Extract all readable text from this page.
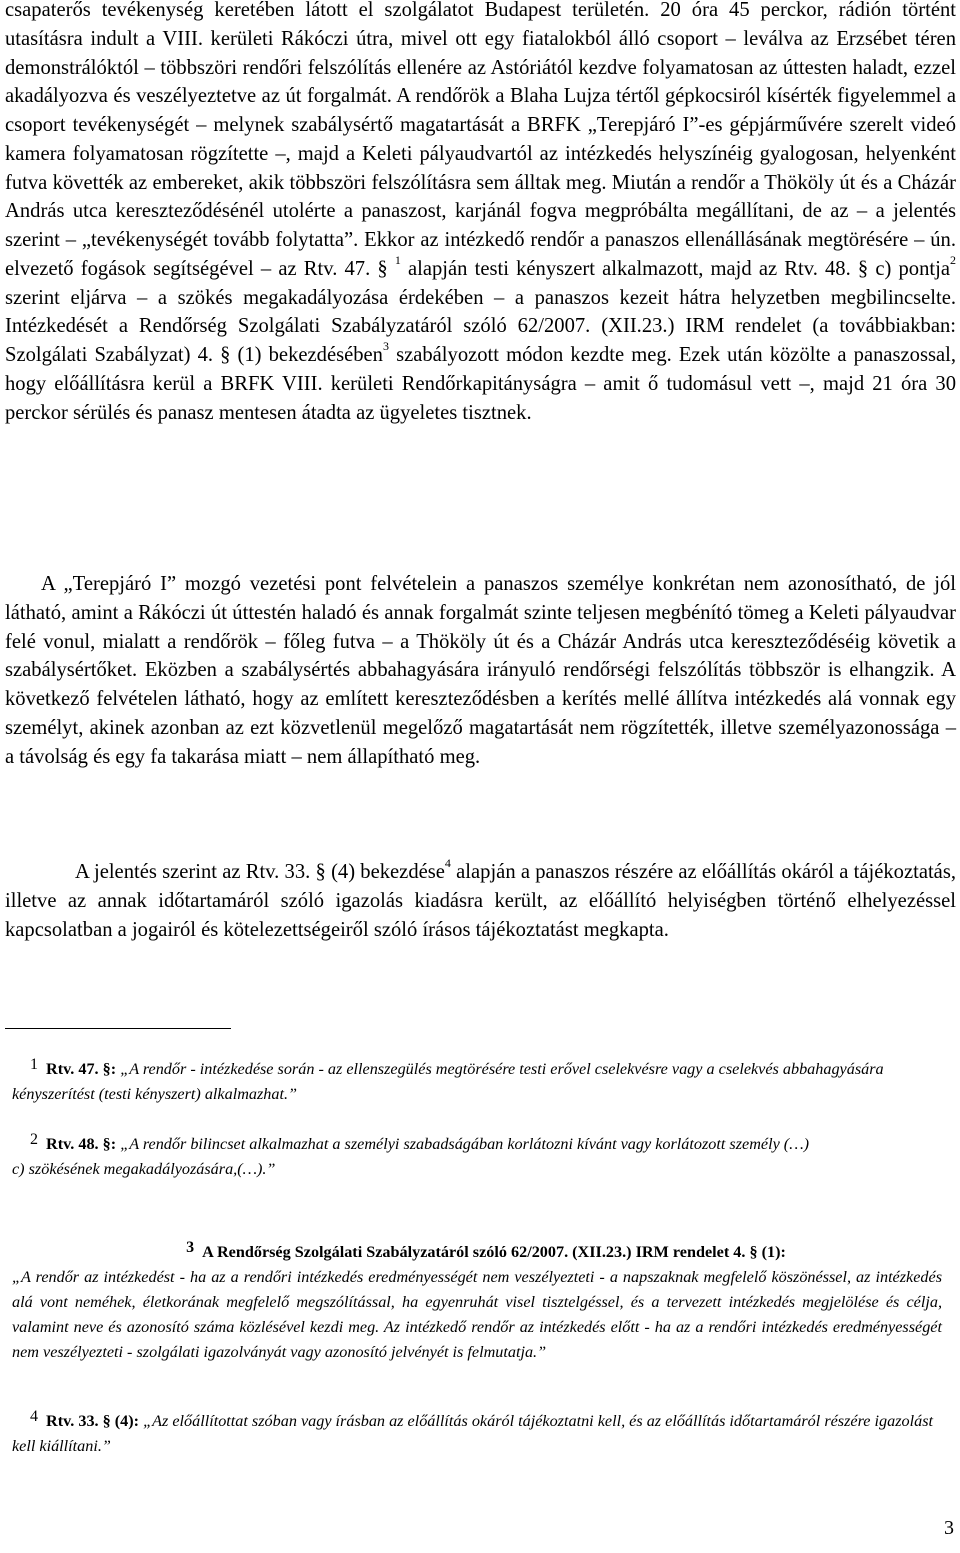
csapaterős tevékenység keretében látott el szolgálatot Budapest területén. 20 óra 45 perckor, rádión történt utasításra indult a VIII. kerületi Rákóczi útra, mivel ott egy fiatalokból álló csoport – leválva az Erzsébet téren demonstrálóktól – többszöri rendőri felszólítás ellenére az Astóriától kezdve folyamatosan az úttesten haladt, ezzel akadályozva és veszélyeztetve az út forgalmát. A rendőrök a Blaha Lujza tértől gépkocsiról kísérték figyelemmel a csoport tevékenységét – melynek szabálysértő magatartását a BRFK „Terepjáró I”-es gépjárművére szerelt videó kamera folyamatosan rögzítette –, majd a Keleti pályaudvartól az intézkedés helyszínéig gyalogosan, helyenként futva követték az embereket, akik többszöri felszólításra sem álltak meg. Miután a rendőr a Thököly út és a Cházár András utca kereszteződésénél utolérte a panaszost, karjánál fogva megpróbálta megállítani, de az – a jelentés szerint – „tevékenységét tovább folytatta”. Ekkor az intézkedő rendőr a panaszos ellenállásának megtörésére – ún. elvezető fogások segítségével – az Rtv. 47. § $^1$ alapján testi kényszert alkalmazott, majd az Rtv. 48. § c) pontja$^2$ szerint eljárva – a szökés megakadályozása érdekében – a panaszos kezeit hátra helyzetben megbilincselte. Intézkedését a Rendőrség Szolgálati Szabályzatáról szóló 62/2007. (XII.23.) IRM rendelet (a továbbiakban: Szolgálati Szabályzat) 4. § (1) bekezdésében$^3$ szabályozott módon kezdte meg. Ezek után közölte a panaszossal, hogy előállításra kerül a BRFK VIII. kerületi Rendőrkapitányságra – amit ő tudomásul vett –, majd 21 óra 30 perckor sérülés és panasz mentesen átadta az ügyeletes tisztnek.

A „Terepjáró I” mozgó vezetési pont felvételein a panaszos személye konkrétan nem azonosítható, de jól látható, amint a Rákóczi út úttestén haladó és annak forgalmát szinte teljesen megbénító tömeg a Keleti pályaudvar felé vonul, mialatt a rendőrök – főleg futva – a Thököly út és a Cházár András utca kereszteződéséig követik a szabálysértőket. Eközben a szabálysértés abbahagyására irányuló rendőrségi felszólítás többször is elhangzik. A következő felvételen látható, hogy az említett kereszteződésben a kerítés mellé állítva intézkedés alá vonnak egy személyt, akinek azonban az ezt közvetlenül megelőző magatartását nem rögzítették, illetve személyazonossága – a távolság és egy fa takarása miatt – nem állapítható meg.

A jelentés szerint az Rtv. 33. § (4) bekezdése$^4$ alapján a panaszos részére az előállítás okáról a tájékoztatás, illetve az annak időtartamáról szóló igazolás kiadásra került, az előállító helyiségben történő elhelyezéssel kapcsolatban a jogairól és kötelezettségeiről szóló írásos tájékoztatást megkapta.

1 Rtv. 47. §: „A rendőr - intézkedése során - az ellenszegülés megtörésére testi erővel cselekvésre vagy a cselekvés abbahagyására kényszerítést (testi kényszert) alkalmazhat.”
2 Rtv. 48. §: „A rendőr bilincset alkalmazhat a személyi szabadságában korlátozni kívánt vagy korlátozott személy (…)
c) szökésének megakadályozására,(…).”
3 A Rendőrség Szolgálati Szabályzatáról szóló 62/2007. (XII.23.) IRM rendelet 4. § (1):
„A rendőr az intézkedést - ha az a rendőri intézkedés eredményességét nem veszélyezteti - a napszaknak megfelelő köszönéssel, az intézkedés alá vont neméhek, életkorának megfelelő megszólítással, ha egyenruhát visel tisztelgéssel, és a tervezett intézkedés megjelölése és célja, valamint neve és azonosító száma közlésével kezdi meg. Az intézkedő rendőr az intézkedés előtt - ha az a rendőri intézkedés eredményességét nem veszélyezteti - szolgálati igazolványát vagy azonosító jelvényét is felmutatja.”
4 Rtv. 33. § (4): „Az előállítottat szóban vagy írásban az előállítás okáról tájékoztatni kell, és az előállítás időtartamáról részére igazolást kell kiállítani.”
3
